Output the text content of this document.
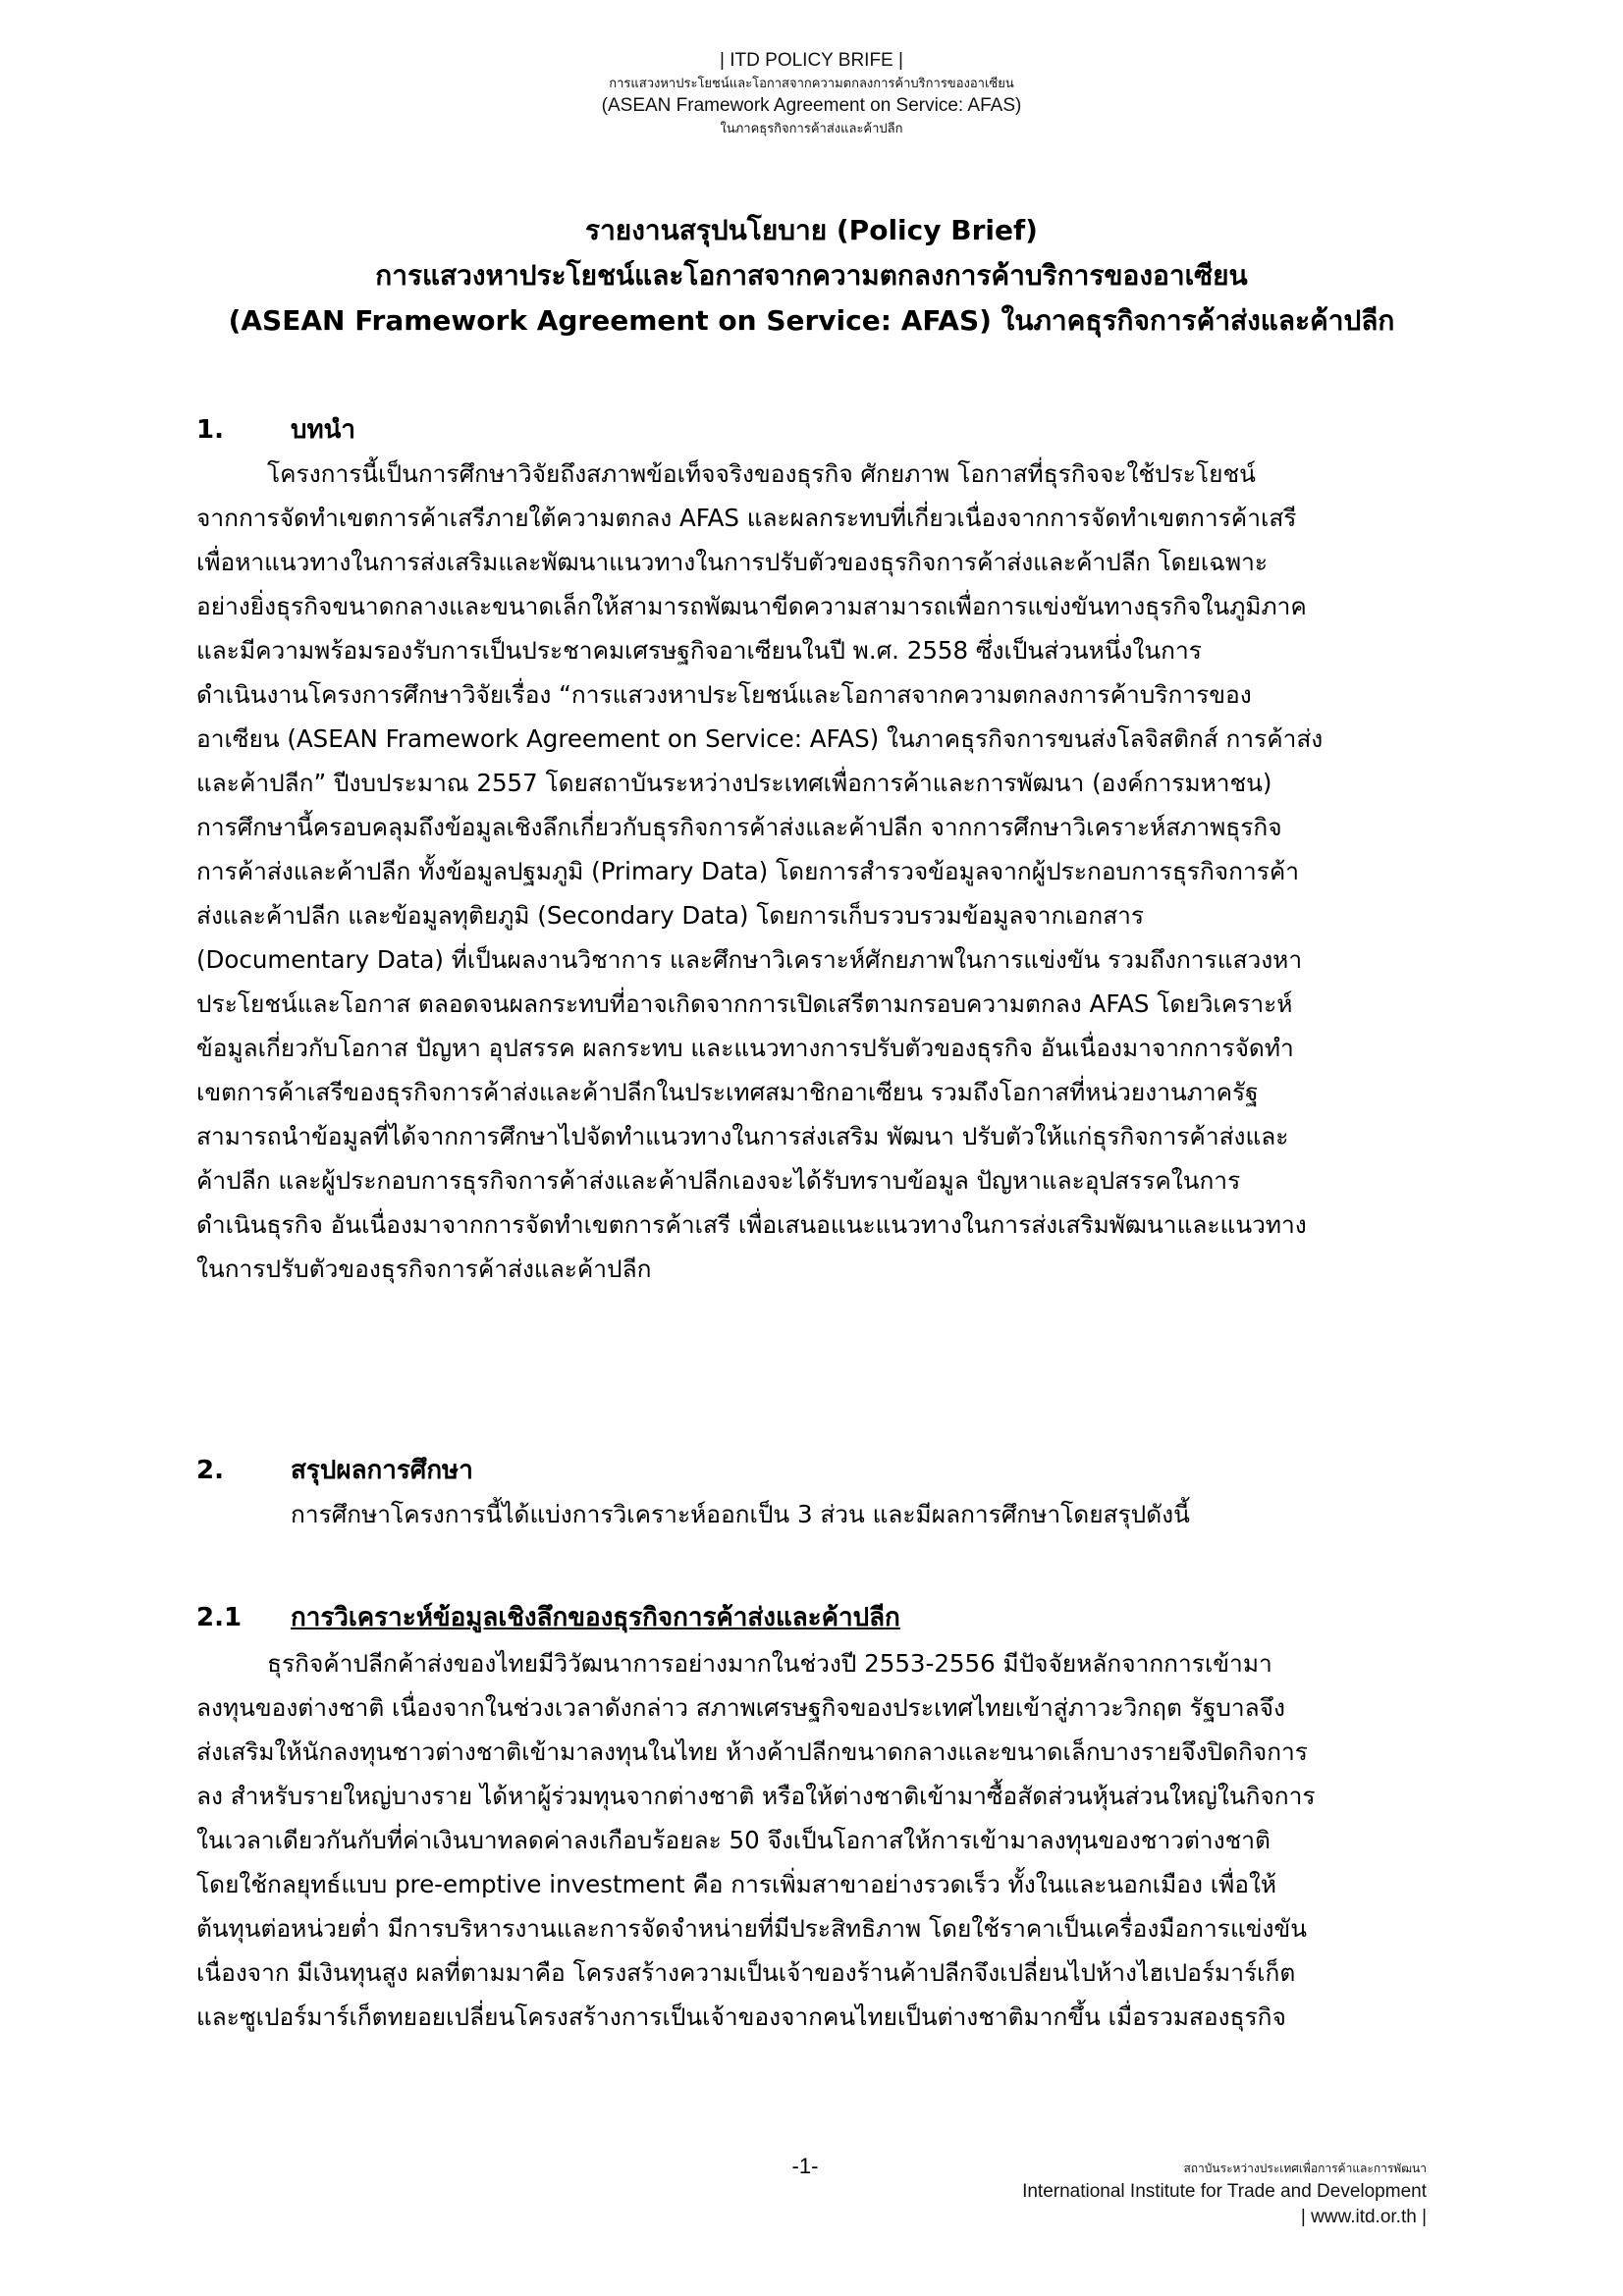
| ITD POLICY BRIFE |
การแสวงหาประโยชน์และโอกาสจากความตกลงการค้าบริการของอาเซียน
(ASEAN Framework Agreement on Service: AFAS)
ในภาคธุรกิจการค้าส่งและค้าปลีก
รายงานสรุปนโยบาย (Policy Brief)
การแสวงหาประโยชน์และโอกาสจากความตกลงการค้าบริการของอาเซียน
(ASEAN Framework Agreement on Service: AFAS) ในภาคธุรกิจการค้าส่งและค้าปลีก
1.	บทนำ
โครงการนี้เป็นการศึกษาวิจัยถึงสภาพข้อเท็จจริงของธุรกิจ ศักยภาพ โอกาสที่ธุรกิจจะใช้ประโยชน์
จากการจัดทำเขตการค้าเสรีภายใต้ความตกลง AFAS และผลกระทบที่เกี่ยวเนื่องจากการจัดทำเขตการค้าเสรี
เพื่อหาแนวทางในการส่งเสริมและพัฒนาแนวทางในการปรับตัวของธุรกิจการค้าส่งและค้าปลีก โดยเฉพาะ
อย่างยิ่งธุรกิจขนาดกลางและขนาดเล็กให้สามารถพัฒนาขีดความสามารถเพื่อการแข่งขันทางธุรกิจในภูมิภาค
และมีความพร้อมรองรับการเป็นประชาคมเศรษฐกิจอาเซียนในปี พ.ศ. 2558 ซึ่งเป็นส่วนหนึ่งในการ
ดำเนินงานโครงการศึกษาวิจัยเรื่อง “การแสวงหาประโยชน์และโอกาสจากความตกลงการค้าบริการของ
อาเซียน (ASEAN Framework Agreement on Service: AFAS) ในภาคธุรกิจการขนส่งโลจิสติกส์ การค้าส่ง
และค้าปลีก” ปีงบประมาณ 2557 โดยสถาบันระหว่างประเทศเพื่อการค้าและการพัฒนา (องค์การมหาชน)
การศึกษานี้ครอบคลุมถึงข้อมูลเชิงลึกเกี่ยวกับธุรกิจการค้าส่งและค้าปลีก จากการศึกษาวิเคราะห์สภาพธุรกิจ
การค้าส่งและค้าปลีก ทั้งข้อมูลปฐมภูมิ (Primary Data) โดยการสำรวจข้อมูลจากผู้ประกอบการธุรกิจการค้า
ส่งและค้าปลีก และข้อมูลทุติยภูมิ (Secondary Data) โดยการเก็บรวบรวมข้อมูลจากเอกสาร
(Documentary Data) ที่เป็นผลงานวิชาการ และศึกษาวิเคราะห์ศักยภาพในการแข่งขัน รวมถึงการแสวงหา
ประโยชน์และโอกาส ตลอดจนผลกระทบที่อาจเกิดจากการเปิดเสรีตามกรอบความตกลง AFAS โดยวิเคราะห์
ข้อมูลเกี่ยวกับโอกาส ปัญหา อุปสรรค ผลกระทบ และแนวทางการปรับตัวของธุรกิจ อันเนื่องมาจากการจัดทำ
เขตการค้าเสรีของธุรกิจการค้าส่งและค้าปลีกในประเทศสมาชิกอาเซียน รวมถึงโอกาสที่หน่วยงานภาครัฐ
สามารถนำข้อมูลที่ได้จากการศึกษาไปจัดทำแนวทางในการส่งเสริม พัฒนา ปรับตัวให้แก่ธุรกิจการค้าส่งและ
ค้าปลีก และผู้ประกอบการธุรกิจการค้าส่งและค้าปลีกเองจะได้รับทราบข้อมูล ปัญหาและอุปสรรคในการ
ดำเนินธุรกิจ อันเนื่องมาจากการจัดทำเขตการค้าเสรี เพื่อเสนอแนะแนวทางในการส่งเสริมพัฒนาและแนวทาง
ในการปรับตัวของธุรกิจการค้าส่งและค้าปลีก
2.	สรุปผลการศึกษา
การศึกษาโครงการนี้ได้แบ่งการวิเคราะห์ออกเป็น 3 ส่วน และมีผลการศึกษาโดยสรุปดังนี้
2.1 การวิเคราะห์ข้อมูลเชิงลึกของธุรกิจการค้าส่งและค้าปลีก
ธุรกิจค้าปลีกค้าส่งของไทยมีวิวัฒนาการอย่างมากในช่วงปี 2553-2556 มีปัจจัยหลักจากการเข้ามา
ลงทุนของต่างชาติ เนื่องจากในช่วงเวลาดังกล่าว สภาพเศรษฐกิจของประเทศไทยเข้าสู่ภาวะวิกฤต รัฐบาลจึง
ส่งเสริมให้นักลงทุนชาวต่างชาติเข้ามาลงทุนในไทย ห้างค้าปลีกขนาดกลางและขนาดเล็กบางรายจึงปิดกิจการ
ลง สำหรับรายใหญ่บางราย ได้หาผู้ร่วมทุนจากต่างชาติ หรือให้ต่างชาติเข้ามาซื้อสัดส่วนหุ้นส่วนใหญ่ในกิจการ
ในเวลาเดียวกันกับที่ค่าเงินบาทลดค่าลงเกือบร้อยละ 50 จึงเป็นโอกาสให้การเข้ามาลงทุนของชาวต่างชาติ
โดยใช้กลยุทธ์แบบ pre-emptive investment คือ การเพิ่มสาขาอย่างรวดเร็ว ทั้งในและนอกเมือง เพื่อให้
ต้นทุนต่อหน่วยต่ำ มีการบริหารงานและการจัดจำหน่ายที่มีประสิทธิภาพ โดยใช้ราคาเป็นเครื่องมือการแข่งขัน
เนื่องจาก มีเงินทุนสูง ผลที่ตามมาคือ โครงสร้างความเป็นเจ้าของร้านค้าปลีกจึงเปลี่ยนไปห้างไฮเปอร์มาร์เก็ต
และซูเปอร์มาร์เก็ตทยอยเปลี่ยนโครงสร้างการเป็นเจ้าของจากคนไทยเป็นต่างชาติมากขึ้น เมื่อรวมสองธุรกิจ
-1-	สถาบันระหว่างประเทศเพื่อการค้าและการพัฒนา
International Institute for Trade and Development
| www.itd.or.th |
